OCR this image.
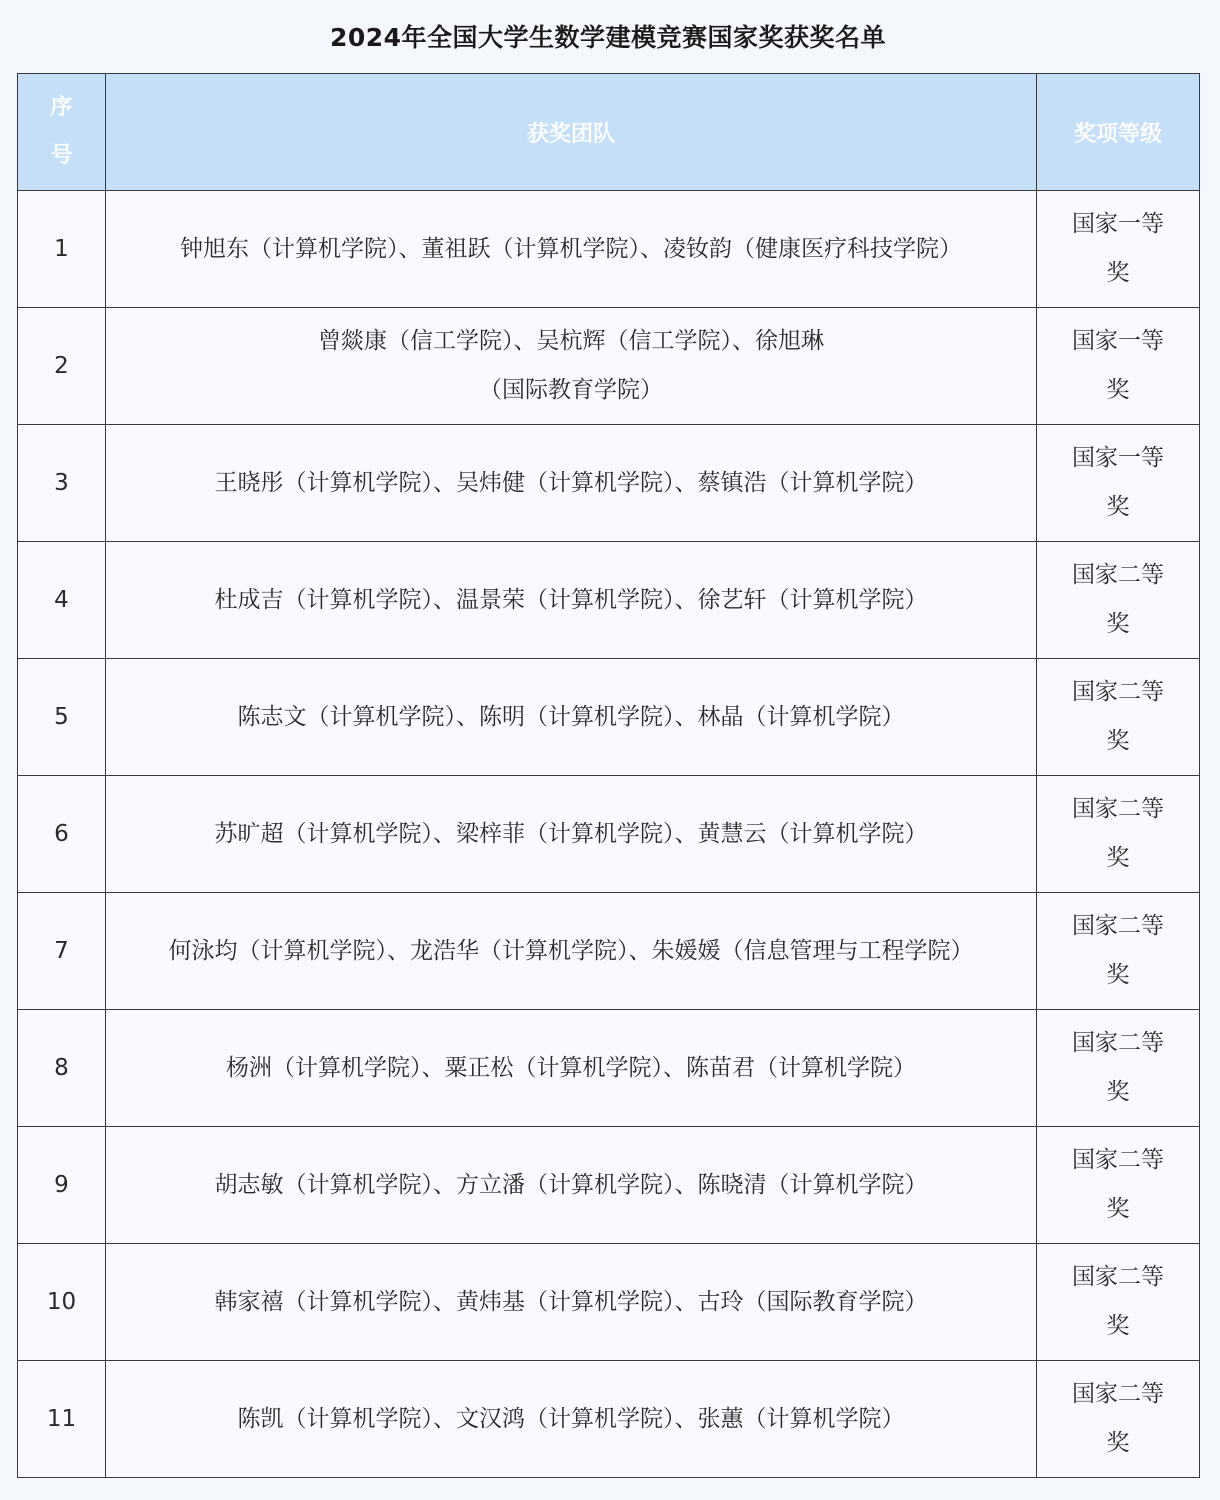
2024年全国大学生数学建模竞赛国家奖获奖名单
序号	获奖团队	奖项等级
1	钟旭东（计算机学院）、董祖跃（计算机学院）、凌钕韵（健康医疗科技学院）	国家一等奖
2	曾燚康（信工学院）、吴杭辉（信工学院）、徐旭琳（国际教育学院）	国家一等奖
3	王晓彤（计算机学院）、吴炜健（计算机学院）、蔡镇浩（计算机学院）	国家一等奖
4	杜成吉（计算机学院）、温景荣（计算机学院）、徐艺轩（计算机学院）	国家二等奖
5	陈志文（计算机学院）、陈明（计算机学院）、林晶（计算机学院）	国家二等奖
6	苏旷超（计算机学院）、梁梓菲（计算机学院）、黄慧云（计算机学院）	国家二等奖
7	何泳均（计算机学院）、龙浩华（计算机学院）、朱媛媛（信息管理与工程学院）	国家二等奖
8	杨洲（计算机学院）、粟正松（计算机学院）、陈苗君（计算机学院）	国家二等奖
9	胡志敏（计算机学院）、方立潘（计算机学院）、陈晓清（计算机学院）	国家二等奖
10	韩家禧（计算机学院）、黄炜基（计算机学院）、古玲（国际教育学院）	国家二等奖
11	陈凯（计算机学院）、文汉鸿（计算机学院）、张蕙（计算机学院）	国家二等奖
